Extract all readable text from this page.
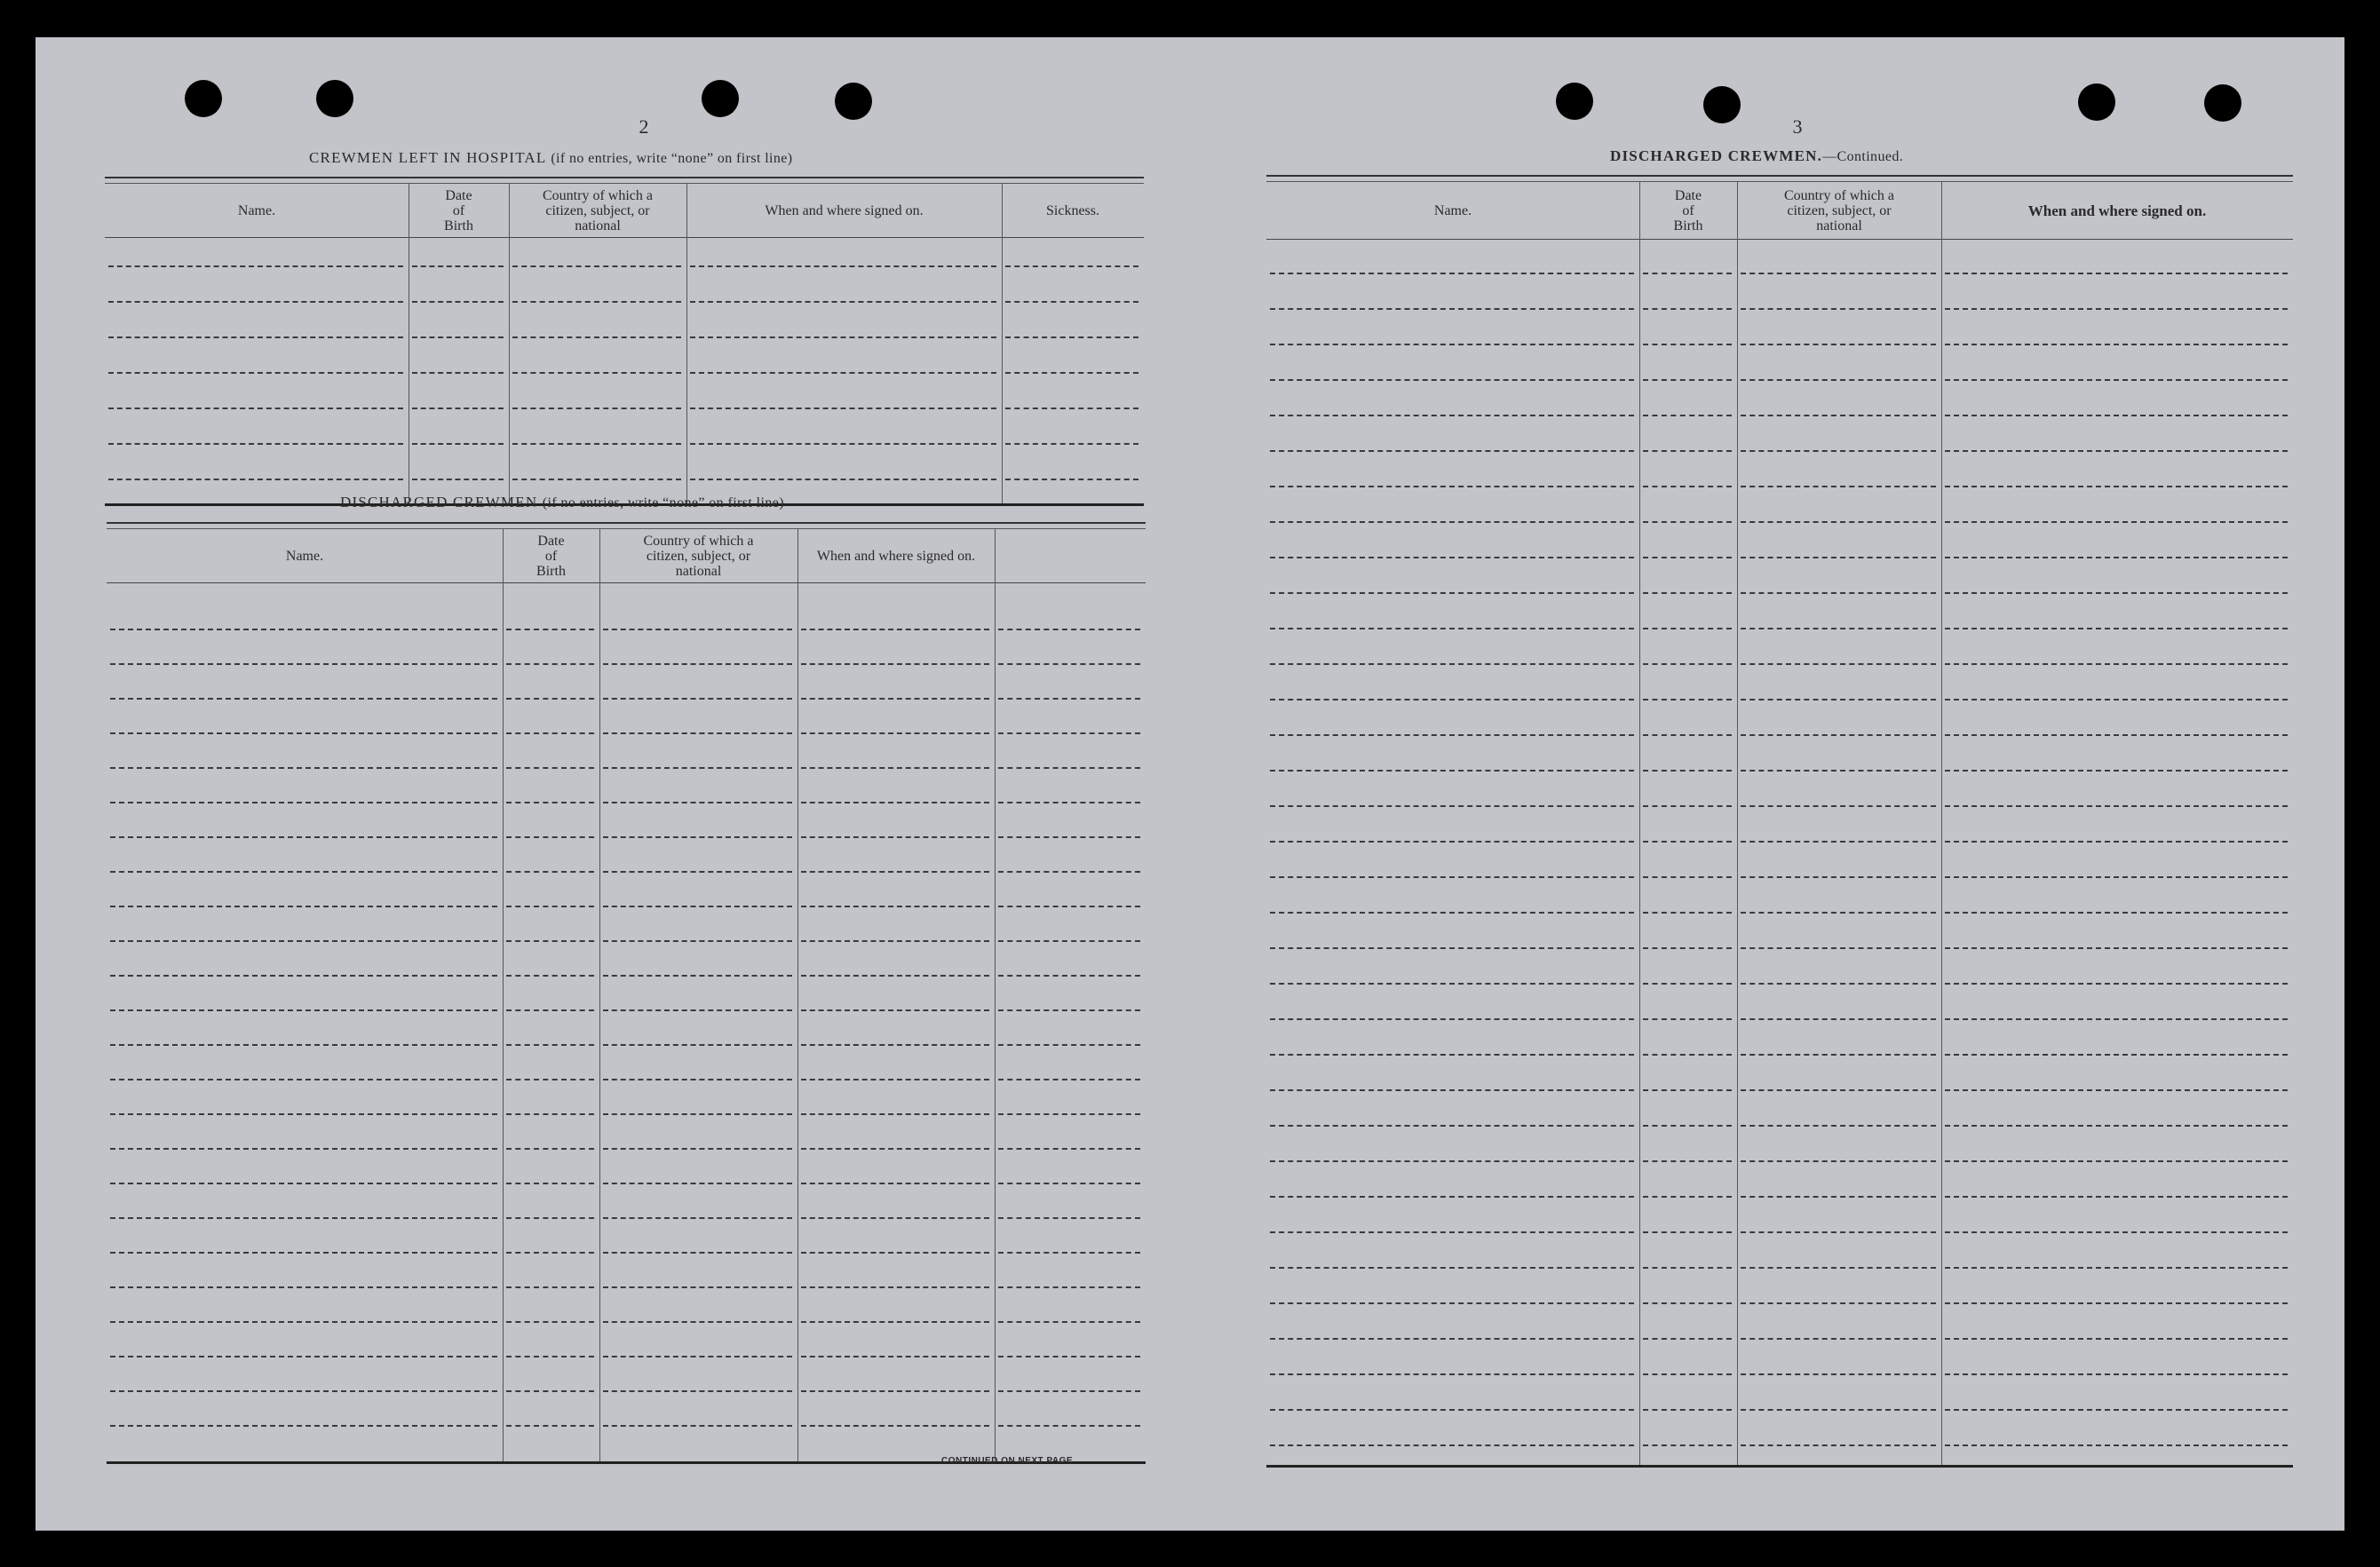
2
CREWMEN LEFT IN HOSPITAL (if no entries, write “none” on first line)
Name.
Date
of
Birth
Country of which a
citizen, subject, or
national
When and where signed on.	Sickness.
DISCHARGED CREWMEN (if no entries, write “none” on first line)
Name.
Date
of
Birth
Country of which a
citizen, subject, or
national
When and where signed on.
CONTINUED ON NEXT PAGE.
3
DISCHARGED CREWMEN.—Continued.
Name.
Date
of
Birth
Country of which a
citizen, subject, or
national
When and where signed on.
